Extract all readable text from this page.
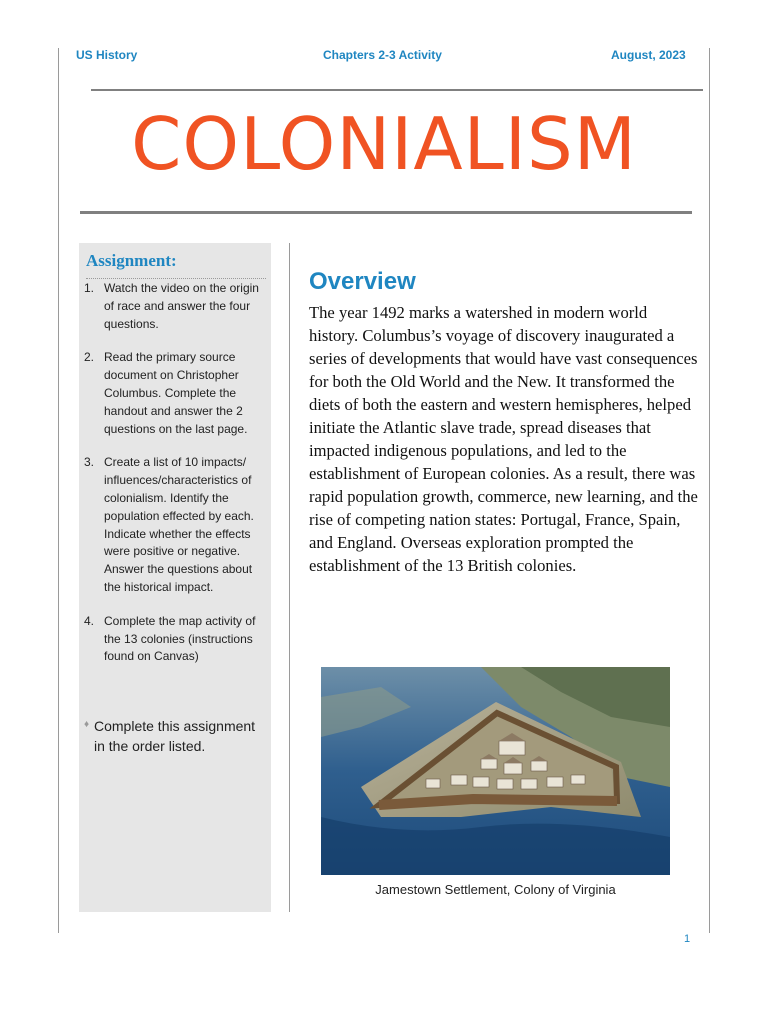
US History	Chapters 2-3 Activity	August, 2023
COLONIALISM
Assignment:
1. Watch the video on the origin of race and answer the four questions.
2. Read the primary source document on Christopher Columbus. Complete the handout and answer the 2 questions on the last page.
3. Create a list of 10 impacts/ influences/characteristics of colonialism. Identify the population effected by each. Indicate whether the effects were positive or negative. Answer the questions about the historical impact.
4. Complete the map activity of the 13 colonies (instructions found on Canvas)
♦ Complete this assignment in the order listed.
Overview
The year 1492 marks a watershed in modern world history. Columbus’s voyage of discovery inaugurated a series of developments that would have vast consequences for both the Old World and the New. It transformed the diets of both the eastern and western hemispheres, helped initiate the Atlantic slave trade, spread diseases that impacted indigenous populations, and led to the establishment of European colonies. As a result, there was rapid population growth, commerce, new learning, and the rise of competing nation states: Portugal, France, Spain, and England. Overseas exploration prompted the establishment of the 13 British colonies.
Jamestown Settlement, Colony of Virginia
1
